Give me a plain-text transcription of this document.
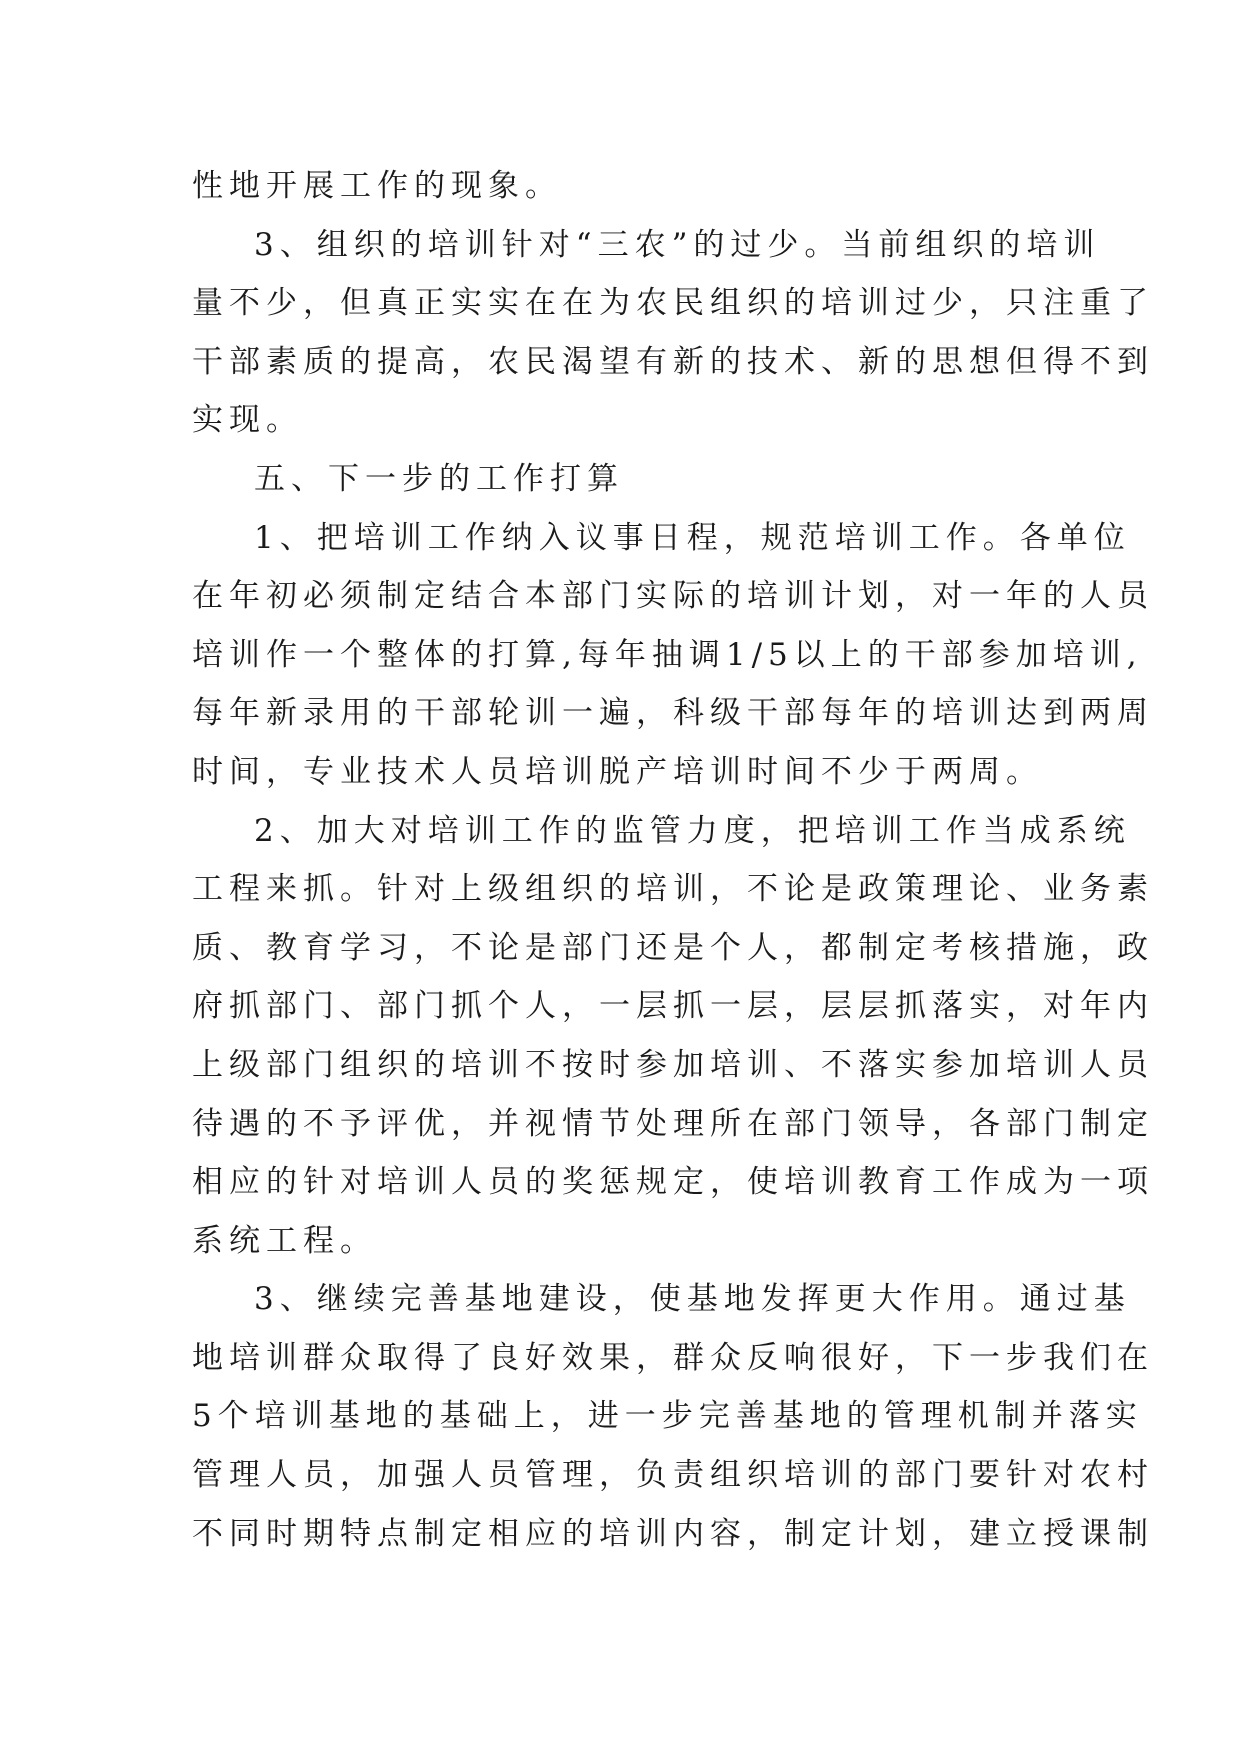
性地开展工作的现象。
3、组织的培训针对“三农”的过少。当前组织的培训
量不少，但真正实实在在为农民组织的培训过少，只注重了
干部素质的提高，农民渴望有新的技术、新的思想但得不到
实现。
五、下一步的工作打算
1、把培训工作纳入议事日程，规范培训工作。各单位
在年初必须制定结合本部门实际的培训计划，对一年的人员
培训作一个整体的打算,每年抽调1/5以上的干部参加培训,
每年新录用的干部轮训一遍，科级干部每年的培训达到两周
时间，专业技术人员培训脱产培训时间不少于两周。
2、加大对培训工作的监管力度，把培训工作当成系统
工程来抓。针对上级组织的培训，不论是政策理论、业务素
质、教育学习，不论是部门还是个人，都制定考核措施，政
府抓部门、部门抓个人，一层抓一层，层层抓落实，对年内
上级部门组织的培训不按时参加培训、不落实参加培训人员
待遇的不予评优，并视情节处理所在部门领导，各部门制定
相应的针对培训人员的奖惩规定，使培训教育工作成为一项
系统工程。
3、继续完善基地建设，使基地发挥更大作用。通过基
地培训群众取得了良好效果，群众反响很好，下一步我们在
5个培训基地的基础上，进一步完善基地的管理机制并落实
管理人员，加强人员管理，负责组织培训的部门要针对农村
不同时期特点制定相应的培训内容，制定计划，建立授课制
